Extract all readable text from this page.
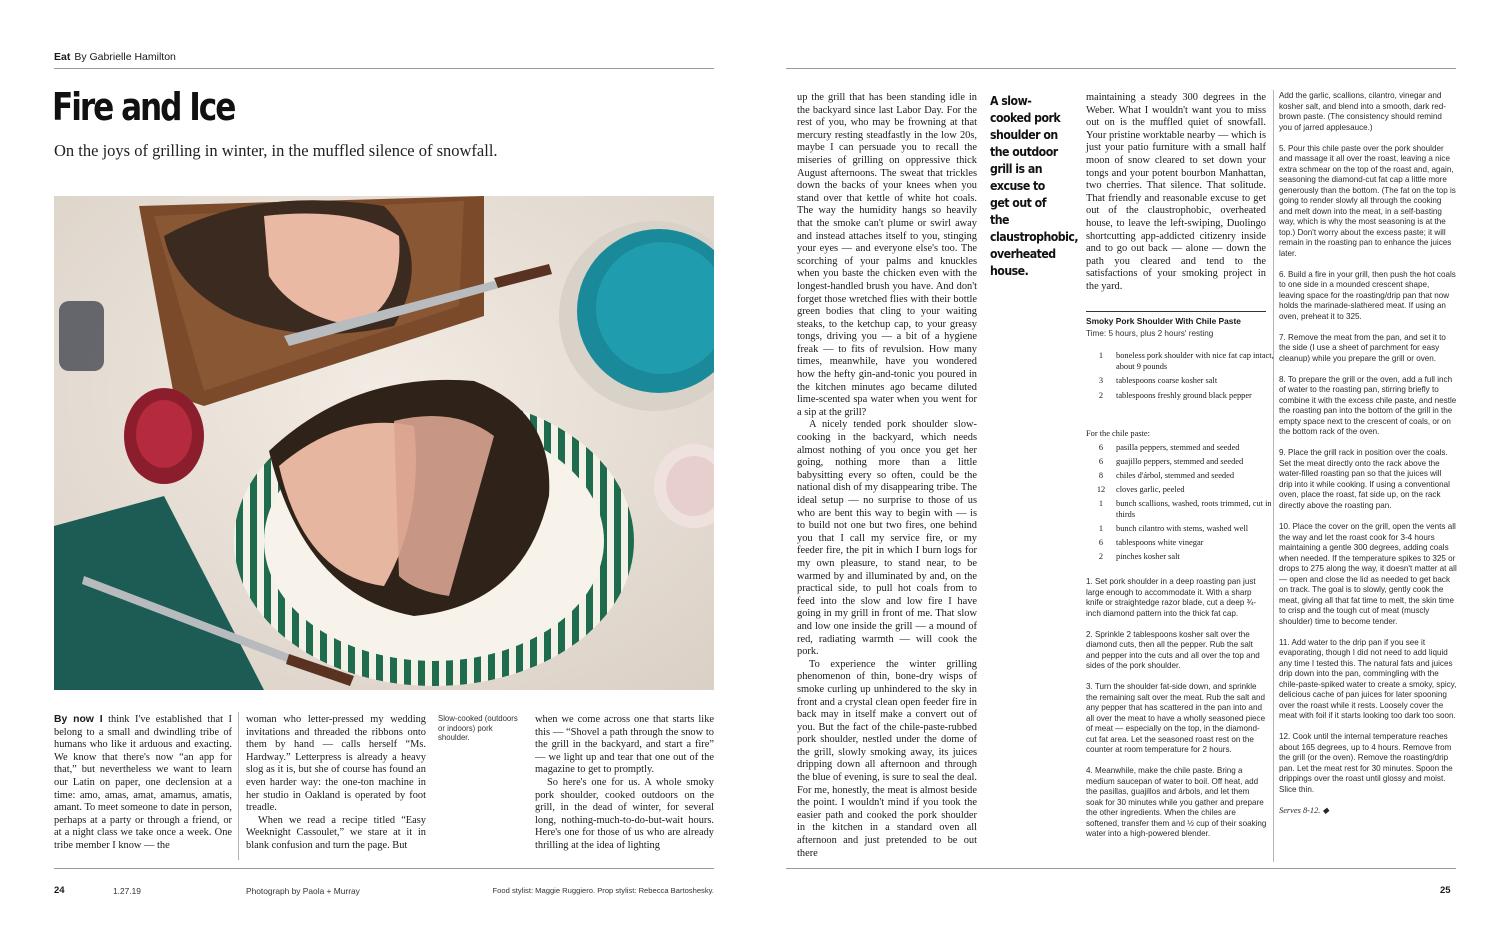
Eat By Gabrielle Hamilton
Fire and Ice
On the joys of grilling in winter, in the muffled silence of snowfall.

By now I think I've established that I belong to a small and dwindling tribe of humans who like it arduous and exacting. We know that there's now “an app for that,” but nevertheless we want to learn our Latin on paper, one declension at a time: amo, amas, amat, amamus, amatis, amant. To meet someone to date in person, perhaps at a party or through a friend, or at a night class we take once a week. One tribe member I know — the

woman who letter-pressed my wedding invitations and threaded the ribbons onto them by hand — calls herself “Ms. Hardway.” Letterpress is already a heavy slog as it is, but she of course has found an even harder way: the one-ton machine in her studio in Oakland is operated by foot treadle.

When we read a recipe titled “Easy Weeknight Cassoulet,” we stare at it in blank confusion and turn the page. But

Slow-cooked (outdoors or indoors) pork shoulder.

when we come across one that starts like this — “Shovel a path through the snow to the grill in the backyard, and start a fire” — we light up and tear that one out of the magazine to get to promptly.

So here's one for us. A whole smoky pork shoulder, cooked outdoors on the grill, in the dead of winter, for several long, nothing-much-to-do-but-wait hours. Here's one for those of us who are already thrilling at the idea of lighting

24	1.27.19	Photograph by Paola + Murray	Food stylist: Maggie Ruggiero. Prop stylist: Rebecca Bartoshesky.

up the grill that has been standing idle in the backyard since last Labor Day. For the rest of you, who may be frowning at that mercury resting steadfastly in the low 20s, maybe I can persuade you to recall the miseries of grilling on oppressive thick August afternoons. The sweat that trickles down the backs of your knees when you stand over that kettle of white hot coals. The way the humidity hangs so heavily that the smoke can't plume or swirl away and instead attaches itself to you, stinging your eyes — and everyone else's too. The scorching of your palms and knuckles when you baste the chicken even with the longest-handled brush you have. And don't forget those wretched flies with their bottle green bodies that cling to your waiting steaks, to the ketchup cap, to your greasy tongs, driving you — a bit of a hygiene freak — to fits of revulsion. How many times, meanwhile, have you wondered how the hefty gin-and-tonic you poured in the kitchen minutes ago became diluted lime-scented spa water when you went for a sip at the grill?

A nicely tended pork shoulder slow-cooking in the backyard, which needs almost nothing of you once you get her going, nothing more than a little babysitting every so often, could be the national dish of my disappearing tribe. The ideal setup — no surprise to those of us who are bent this way to begin with — is to build not one but two fires, one behind you that I call my service fire, or my feeder fire, the pit in which I burn logs for my own pleasure, to stand near, to be warmed by and illuminated by and, on the practical side, to pull hot coals from to feed into the slow and low fire I have going in my grill in front of me. That slow and low one inside the grill — a mound of red, radiating warmth — will cook the pork.

To experience the winter grilling phenomenon of thin, bone-dry wisps of smoke curling up unhindered to the sky in front and a crystal clean open feeder fire in back may in itself make a convert out of you. But the fact of the chile-paste-rubbed pork shoulder, nestled under the dome of the grill, slowly smoking away, its juices dripping down all afternoon and through the blue of evening, is sure to seal the deal. For me, honestly, the meat is almost beside the point. I wouldn't mind if you took the easier path and cooked the pork shoulder in the kitchen in a standard oven all afternoon and just pretended to be out there

A slow-cooked pork shoulder on the outdoor grill is an excuse to get out of the claustrophobic, overheated house.

maintaining a steady 300 degrees in the Weber. What I wouldn't want you to miss out on is the muffled quiet of snowfall. Your pristine worktable nearby — which is just your patio furniture with a small half moon of snow cleared to set down your tongs and your potent bourbon Manhattan, two cherries. That silence. That solitude. That friendly and reasonable excuse to get out of the claustrophobic, overheated house, to leave the left-swiping, Duolingo shortcutting app-addicted citizenry inside and to go out back — alone — down the path you cleared and tend to the satisfactions of your smoking project in the yard.

Smoky Pork Shoulder With Chile Paste
Time: 5 hours, plus 2 hours' resting
1 boneless pork shoulder with nice fat cap intact, about 9 pounds
3 tablespoons coarse kosher salt
2 tablespoons freshly ground black pepper
For the chile paste:
6 pasilla peppers, stemmed and seeded
6 guajillo peppers, stemmed and seeded
8 chiles d'árbol, stemmed and seeded
12 cloves garlic, peeled
1 bunch scallions, washed, roots trimmed, cut in thirds
1 bunch cilantro with stems, washed well
6 tablespoons white vinegar
2 pinches kosher salt

1. Set pork shoulder in a deep roasting pan just large enough to accommodate it. With a sharp knife or straightedge razor blade, cut a deep ¾-inch diamond pattern into the thick fat cap.

2. Sprinkle 2 tablespoons kosher salt over the diamond cuts, then all the pepper. Rub the salt and pepper into the cuts and all over the top and sides of the pork shoulder.

3. Turn the shoulder fat-side down, and sprinkle the remaining salt over the meat. Rub the salt and any pepper that has scattered in the pan into and all over the meat to have a wholly seasoned piece of meat — especially on the top, in the diamond-cut fat area. Let the seasoned roast rest on the counter at room temperature for 2 hours.

4. Meanwhile, make the chile paste. Bring a medium saucepan of water to boil. Off heat, add the pasillas, guajillos and árbols, and let them soak for 30 minutes while you gather and prepare the other ingredients. When the chiles are softened, transfer them and ½ cup of their soaking water into a high-powered blender.

Add the garlic, scallions, cilantro, vinegar and kosher salt, and blend into a smooth, dark red-brown paste. (The consistency should remind you of jarred applesauce.)

5. Pour this chile paste over the pork shoulder and massage it all over the roast, leaving a nice extra schmear on the top of the roast and, again, seasoning the diamond-cut fat cap a little more generously than the bottom. (The fat on the top is going to render slowly all through the cooking and melt down into the meat, in a self-basting way, which is why the most seasoning is at the top.) Don't worry about the excess paste; it will remain in the roasting pan to enhance the juices later.

6. Build a fire in your grill, then push the hot coals to one side in a mounded crescent shape, leaving space for the roasting/drip pan that now holds the marinade-slathered meat. If using an oven, preheat it to 325.

7. Remove the meat from the pan, and set it to the side (I use a sheet of parchment for easy cleanup) while you prepare the grill or oven.

8. To prepare the grill or the oven, add a full inch of water to the roasting pan, stirring briefly to combine it with the excess chile paste, and nestle the roasting pan into the bottom of the grill in the empty space next to the crescent of coals, or on the bottom rack of the oven.

9. Place the grill rack in position over the coals. Set the meat directly onto the rack above the water-filled roasting pan so that the juices will drip into it while cooking. If using a conventional oven, place the roast, fat side up, on the rack directly above the roasting pan.

10. Place the cover on the grill, open the vents all the way and let the roast cook for 3-4 hours maintaining a gentle 300 degrees, adding coals when needed. If the temperature spikes to 325 or drops to 275 along the way, it doesn't matter at all — open and close the lid as needed to get back on track. The goal is to slowly, gently cook the meat, giving all that fat time to melt, the skin time to crisp and the tough cut of meat (muscly shoulder) time to become tender.

11. Add water to the drip pan if you see it evaporating, though I did not need to add liquid any time I tested this. The natural fats and juices drip down into the pan, commingling with the chile-paste-spiked water to create a smoky, spicy, delicious cache of pan juices for later spooning over the roast while it rests. Loosely cover the meat with foil if it starts looking too dark too soon.

12. Cook until the internal temperature reaches about 165 degrees, up to 4 hours. Remove from the grill (or the oven). Remove the roasting/drip pan. Let the meat rest for 30 minutes. Spoon the drippings over the roast until glossy and moist. Slice thin.

Serves 8-12. ◆
25
